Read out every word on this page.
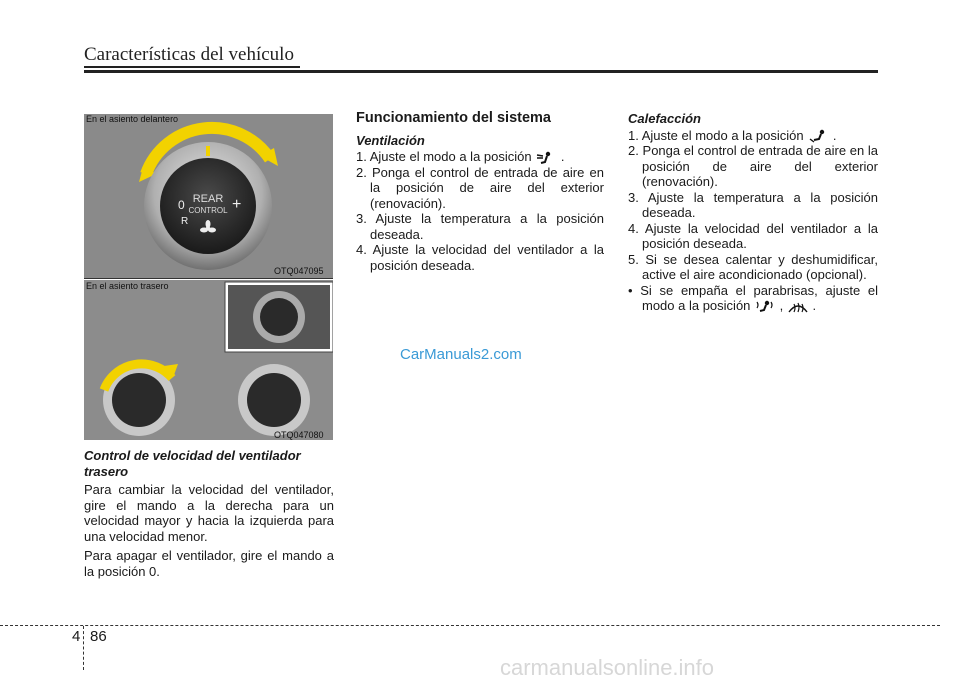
Características del vehículo
REAR
CONTROL
0
R
+
En el asiento delantero
OTQ047095
En el asiento trasero
OTQ047080
Control de velocidad del ventilador trasero

Para cambiar la velocidad del ventilador, gire el mando a la derecha para un velocidad mayor y hacia la izquierda para una velocidad menor.

Para apagar el ventilador, gire el mando a la posición 0.

Funcionamiento del sistema
Ventilación
1. Ajuste el modo a la posición .
2. Ponga el control de entrada de aire en la posición de aire del exterior (renovación).
3. Ajuste la temperatura a la posición deseada.
4. Ajuste la velocidad del ventilador a la posición deseada.
Calefacción
1. Ajuste el modo a la posición .
2. Ponga el control de entrada de aire en la posición de aire del exterior (renovación).
3. Ajuste la temperatura a la posición deseada.
4. Ajuste la velocidad del ventilador a la posición deseada.
5. Si se desea calentar y deshumidificar, active el aire acondicionado (opcional).
• Si se empaña el parabrisas, ajuste el modo a la posición , .
CarManuals2.com
4 86
carmanualsonline.info
